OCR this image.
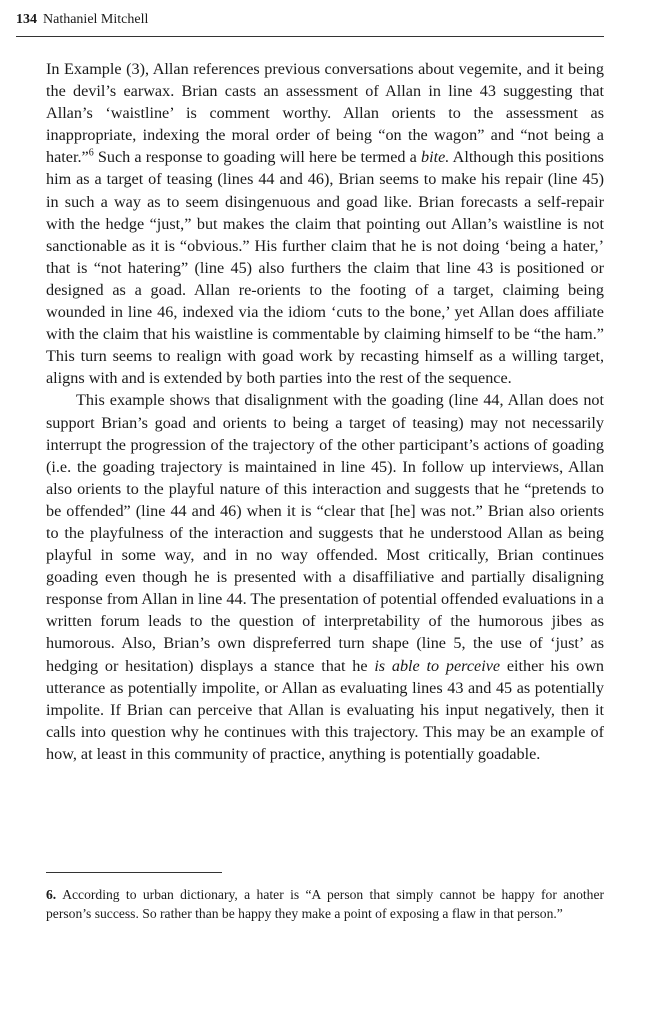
134 Nathaniel Mitchell

In Example (3), Allan references previous conversations about vegemite, and it being the devil’s earwax. Brian casts an assessment of Allan in line 43 suggesting that Allan’s ‘waistline’ is comment worthy. Allan orients to the assessment as inappropriate, indexing the moral order of being “on the wagon” and “not being a hater.”$^6$ Such a response to goading will here be termed a bite. Although this positions him as a target of teasing (lines 44 and 46), Brian seems to make his repair (line 45) in such a way as to seem disingenuous and goad like. Brian forecasts a self-repair with the hedge “just,” but makes the claim that pointing out Allan’s waistline is not sanctionable as it is “obvious.” His further claim that he is not doing ‘being a hater,’ that is “not hatering” (line 45) also furthers the claim that line 43 is positioned or designed as a goad. Allan re-orients to the footing of a target, claiming being wounded in line 46, indexed via the idiom ‘cuts to the bone,’ yet Allan does affiliate with the claim that his waistline is commentable by claiming himself to be “the ham.” This turn seems to realign with goad work by recasting himself as a willing target, aligns with and is extended by both parties into the rest of the sequence.

This example shows that disalignment with the goading (line 44, Allan does not support Brian’s goad and orients to being a target of teasing) may not necessarily interrupt the progression of the trajectory of the other participant’s actions of goading (i.e. the goading trajectory is maintained in line 45). In follow up interviews, Allan also orients to the playful nature of this interaction and suggests that he “pretends to be offended” (line 44 and 46) when it is “clear that [he] was not.” Brian also orients to the playfulness of the interaction and suggests that he understood Allan as being playful in some way, and in no way offended. Most critically, Brian continues goading even though he is presented with a disaffiliative and partially disaligning response from Allan in line 44. The presentation of potential offended evaluations in a written forum leads to the question of interpretability of the humorous jibes as humorous. Also, Brian’s own dispreferred turn shape (line 5, the use of ‘just’ as hedging or hesitation) displays a stance that he is able to perceive either his own utterance as potentially impolite, or Allan as evaluating lines 43 and 45 as potentially impolite. If Brian can perceive that Allan is evaluating his input negatively, then it calls into question why he continues with this trajectory. This may be an example of how, at least in this community of practice, anything is potentially goadable.

6. According to urban dictionary, a hater is “A person that simply cannot be happy for another person’s success. So rather than be happy they make a point of exposing a flaw in that person.”
